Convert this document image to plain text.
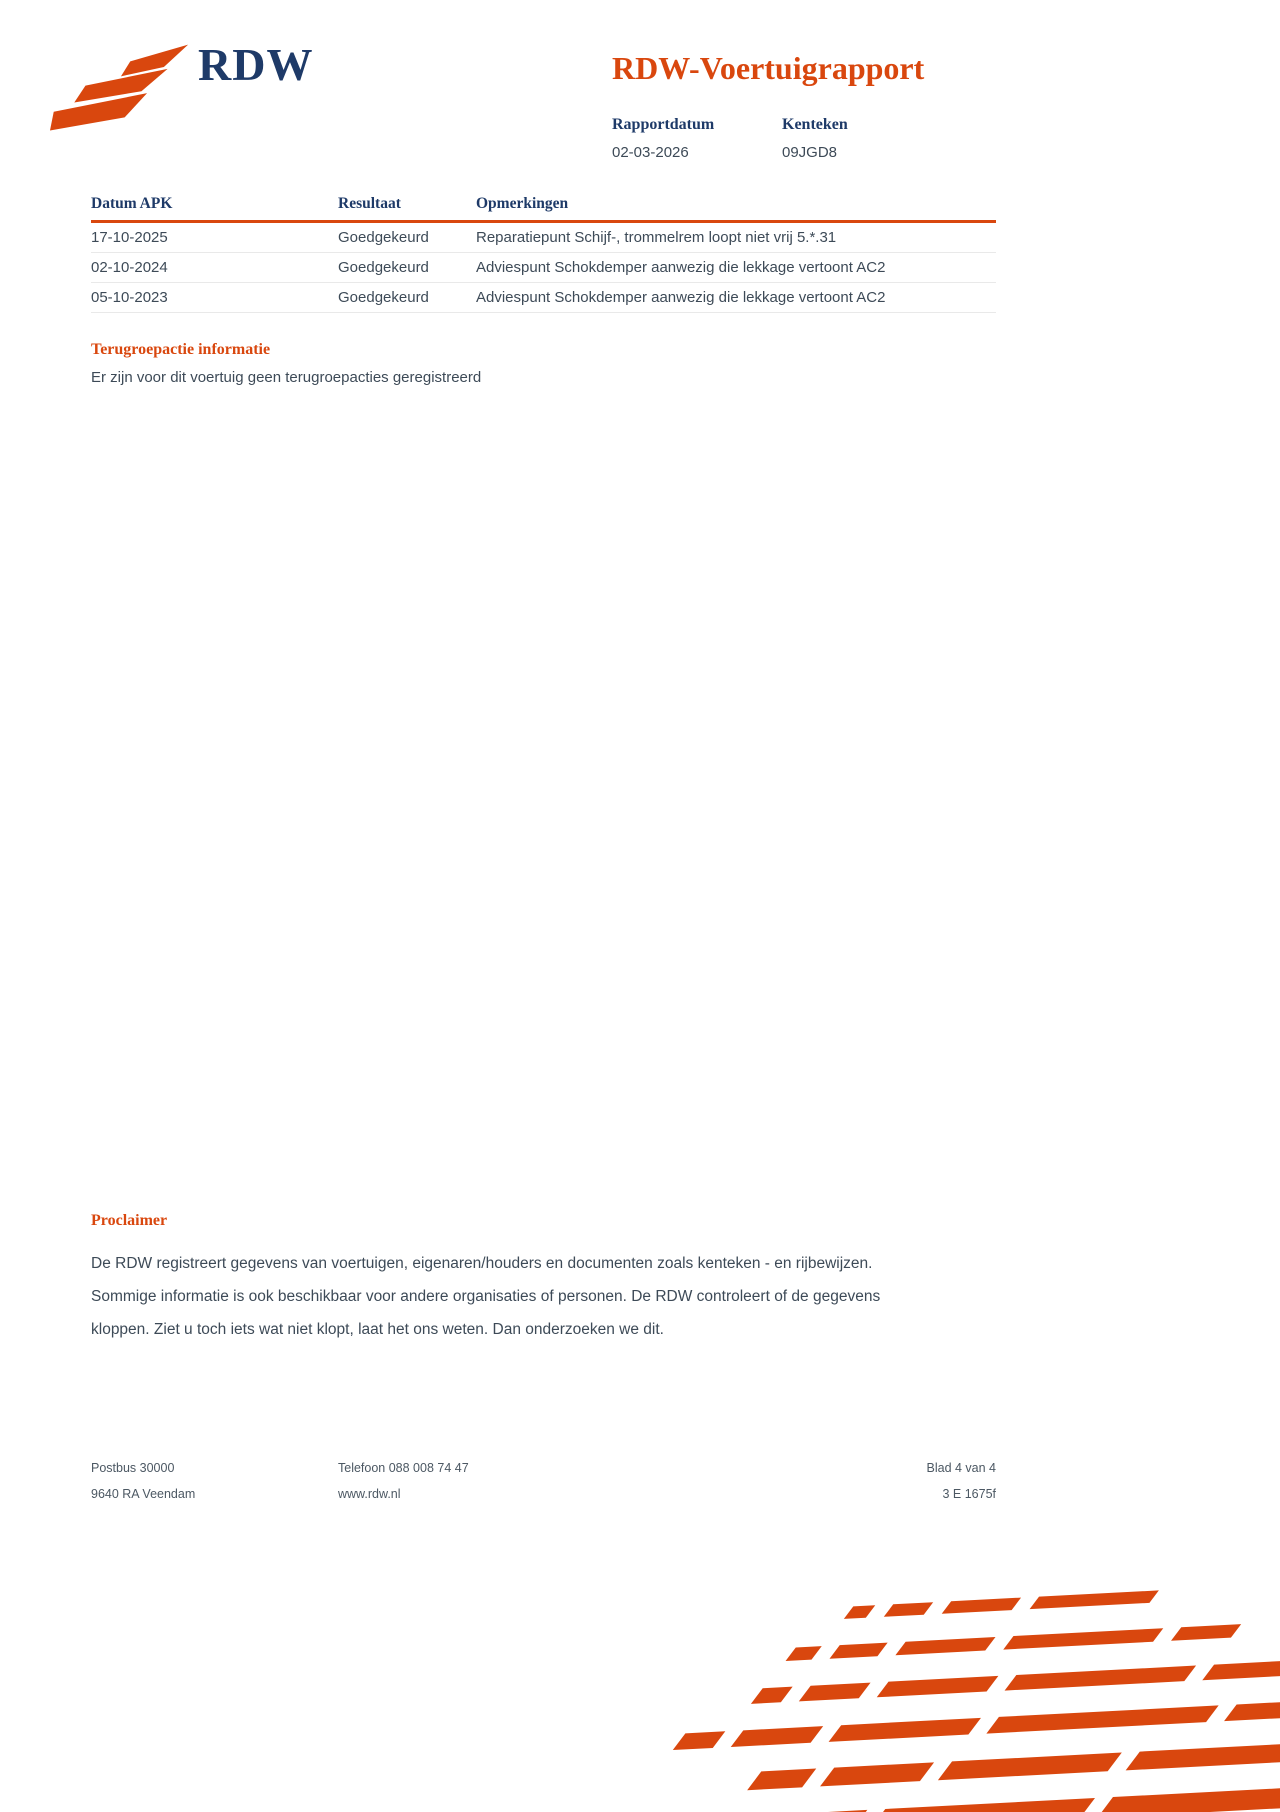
RDW	RDW-Voertuigrapport
Rapportdatum
02-03-2026
Kenteken
09JGD8
Datum APK	Resultaat	Opmerkingen
17-10-2025	Goedgekeurd	Reparatiepunt Schijf-, trommelrem loopt niet vrij 5.*.31
02-10-2024	Goedgekeurd	Adviespunt Schokdemper aanwezig die lekkage vertoont AC2
05-10-2023	Goedgekeurd	Adviespunt Schokdemper aanwezig die lekkage vertoont AC2
Terugroepactie informatie
Er zijn voor dit voertuig geen terugroepacties geregistreerd
Proclaimer
De RDW registreert gegevens van voertuigen, eigenaren/houders en documenten zoals kenteken - en rijbewijzen.
Sommige informatie is ook beschikbaar voor andere organisaties of personen. De RDW controleert of de gegevens
kloppen. Ziet u toch iets wat niet klopt, laat het ons weten. Dan onderzoeken we dit.
Postbus 30000	Telefoon 088 008 74 47	Blad 4 van 4
9640 RA Veendam	www.rdw.nl	3 E 1675f
